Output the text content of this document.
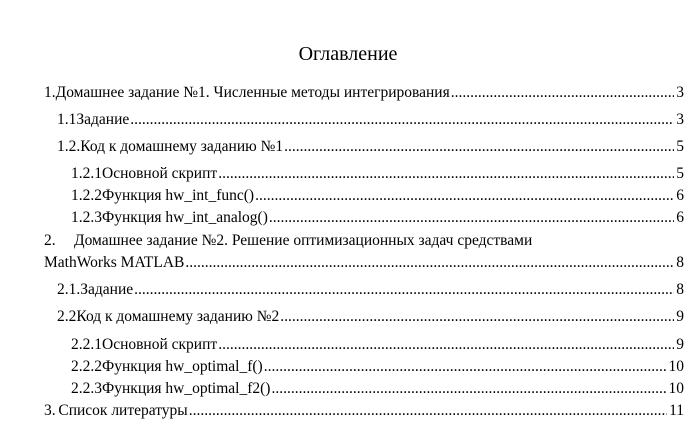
Оглавление
1. Домашнее задание №1. Численные методы интегрирования .....	3
1.1 Задание .....	3
1.2. Код к домашнему заданию №1 .....	5
1.2.1 Основной скрипт .....	5
1.2.2 Функция hw_int_func() .....	6
1.2.3 Функция hw_int_analog() .....	6
2. Домашнее задание №2. Решение оптимизационных задач средствами
MathWorks MATLAB .....	8
2.1. Задание .....	8
2.2 Код к домашнему заданию №2 .....	9
2.2.1 Основной скрипт .....	9
2.2.2 Функция hw_optimal_f() .....	10
2.2.3 Функция hw_optimal_f2() .....	10
3. Список литературы .....	11
